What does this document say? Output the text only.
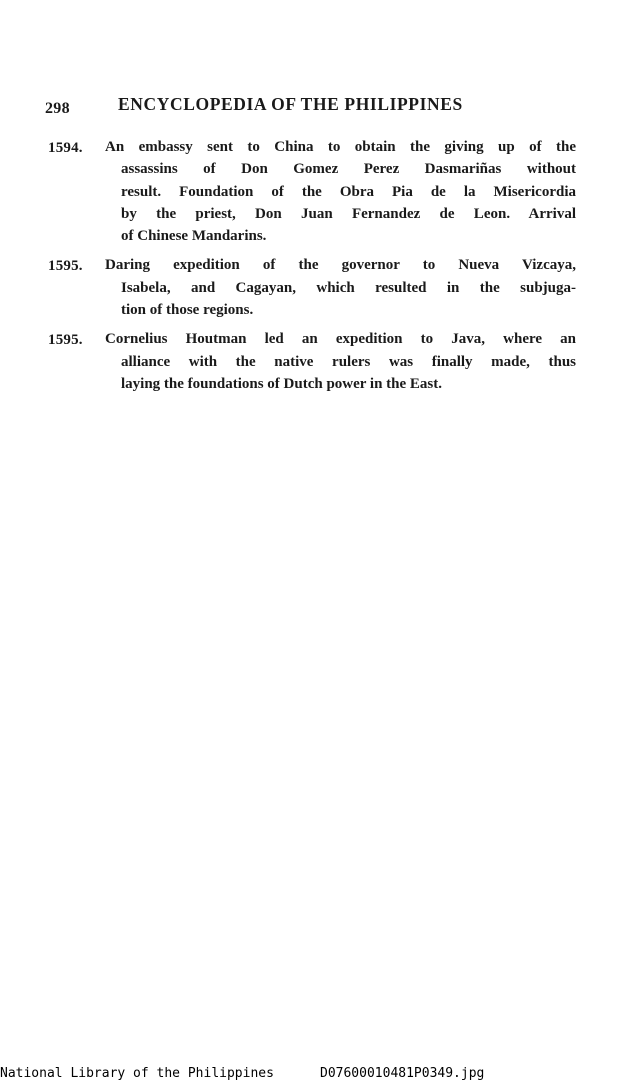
298	ENCYCLOPEDIA OF THE PHILIPPINES
1594. An embassy sent to China to obtain the giving up of the
assassins of Don Gomez Perez Dasmariñas without
result. Foundation of the Obra Pia de la Misericordia
by the priest, Don Juan Fernandez de Leon. Arrival
of Chinese Mandarins.
1595. Daring expedition of the governor to Nueva Vizcaya,
Isabela, and Cagayan, which resulted in the subjuga-
tion of those regions.
1595. Cornelius Houtman led an expedition to Java, where an
alliance with the native rulers was finally made, thus
laying the foundations of Dutch power in the East.
National Library of the Philippines	D07600010481P0349.jpg
